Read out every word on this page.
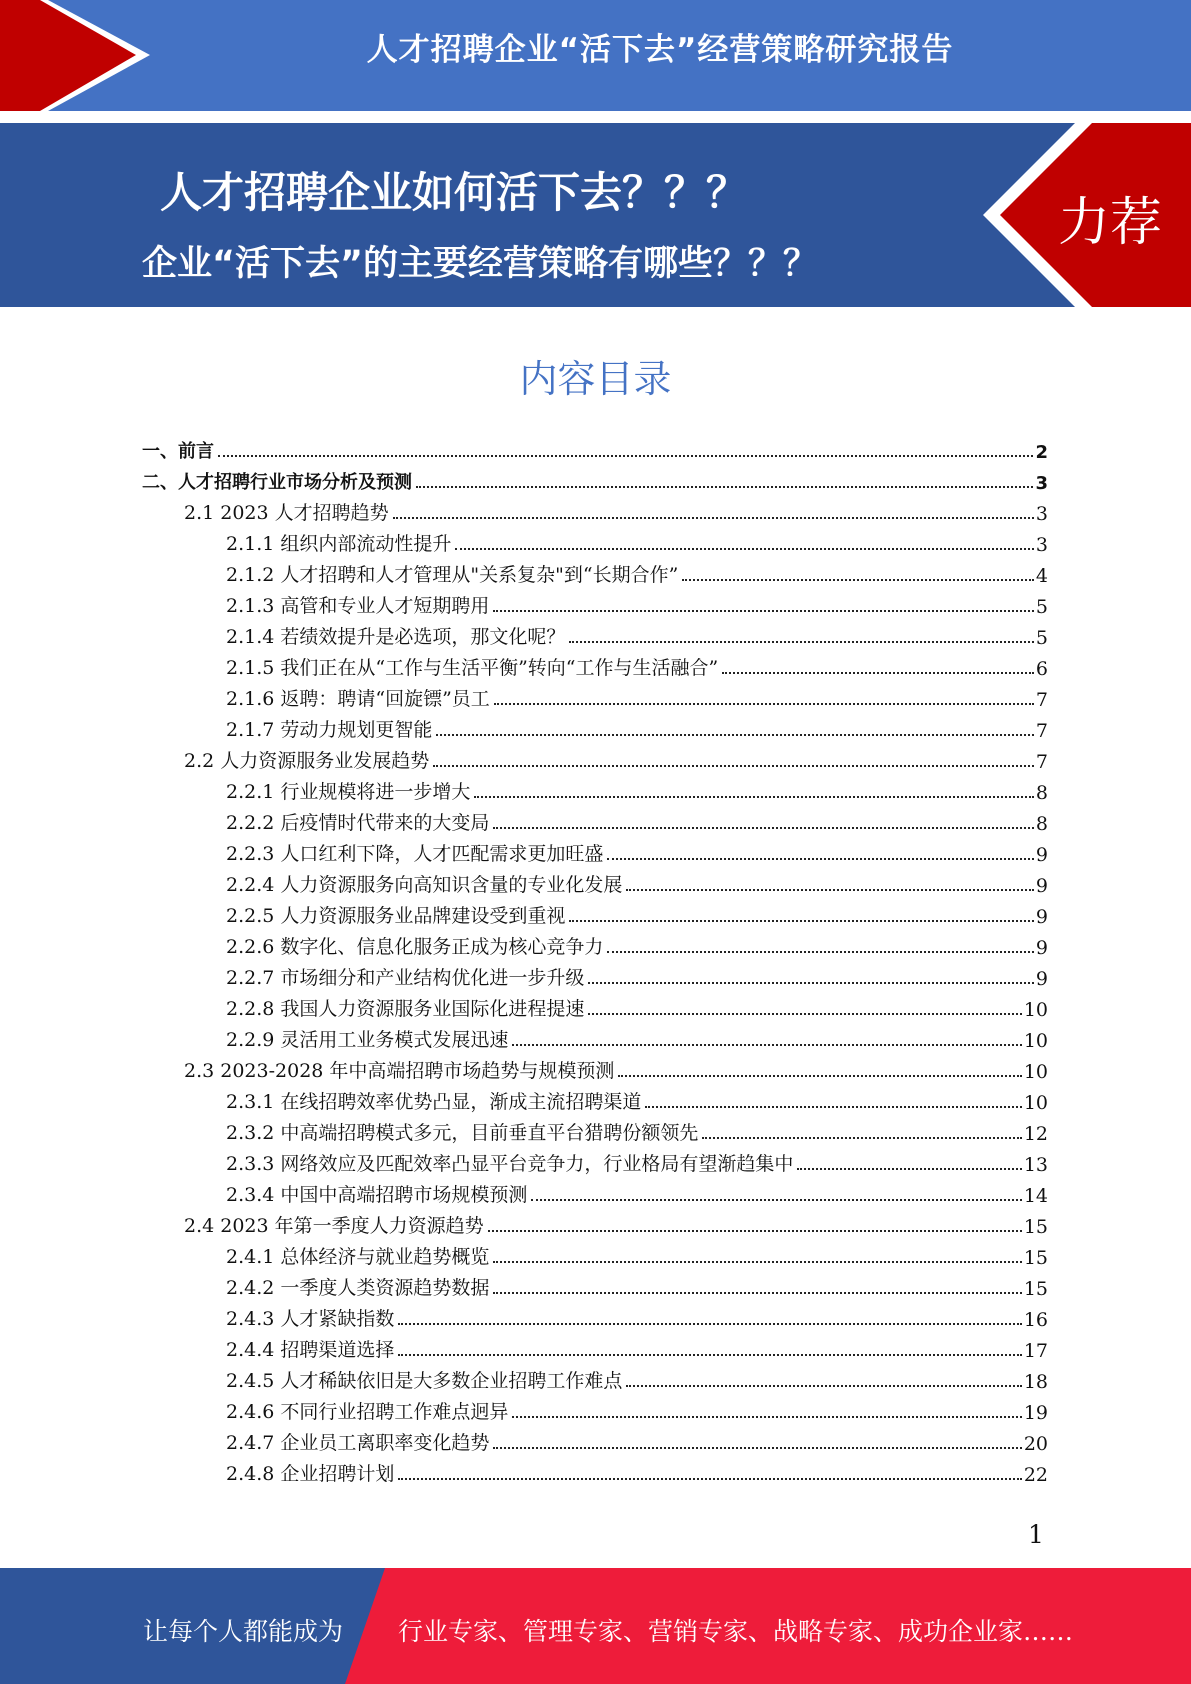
人才招聘企业“活下去”经营策略研究报告
人才招聘企业如何活下去？？？
企业“活下去”的主要经营策略有哪些？？？
力荐
内容目录
一、前言	2
二、人才招聘行业市场分析及预测	3
2.1 2023 人才招聘趋势	3
2.1.1 组织内部流动性提升	3
2.1.2 人才招聘和人才管理从"关系复杂"到“长期合作”	4
2.1.3 高管和专业人才短期聘用	5
2.1.4 若绩效提升是必选项，那文化呢？	5
2.1.5 我们正在从“工作与生活平衡”转向“工作与生活融合”	6
2.1.6 返聘：聘请“回旋镖”员工	7
2.1.7 劳动力规划更智能	7
2.2 人力资源服务业发展趋势	7
2.2.1 行业规模将进一步增大	8
2.2.2 后疫情时代带来的大变局	8
2.2.3 人口红利下降，人才匹配需求更加旺盛	9
2.2.4 人力资源服务向高知识含量的专业化发展	9
2.2.5 人力资源服务业品牌建设受到重视	9
2.2.6 数字化、信息化服务正成为核心竞争力	9
2.2.7 市场细分和产业结构优化进一步升级	9
2.2.8 我国人力资源服务业国际化进程提速	10
2.2.9 灵活用工业务模式发展迅速	10
2.3 2023-2028 年中高端招聘市场趋势与规模预测	10
2.3.1 在线招聘效率优势凸显，渐成主流招聘渠道	10
2.3.2 中高端招聘模式多元，目前垂直平台猎聘份额领先	12
2.3.3 网络效应及匹配效率凸显平台竞争力，行业格局有望渐趋集中	13
2.3.4 中国中高端招聘市场规模预测	14
2.4 2023 年第一季度人力资源趋势	15
2.4.1 总体经济与就业趋势概览	15
2.4.2 一季度人类资源趋势数据	15
2.4.3 人才紧缺指数	16
2.4.4 招聘渠道选择	17
2.4.5 人才稀缺依旧是大多数企业招聘工作难点	18
2.4.6 不同行业招聘工作难点迥异	19
2.4.7 企业员工离职率变化趋势	20
2.4.8 企业招聘计划	22
1
让每个人都能成为 行业专家、管理专家、营销专家、战略专家、成功企业家……
